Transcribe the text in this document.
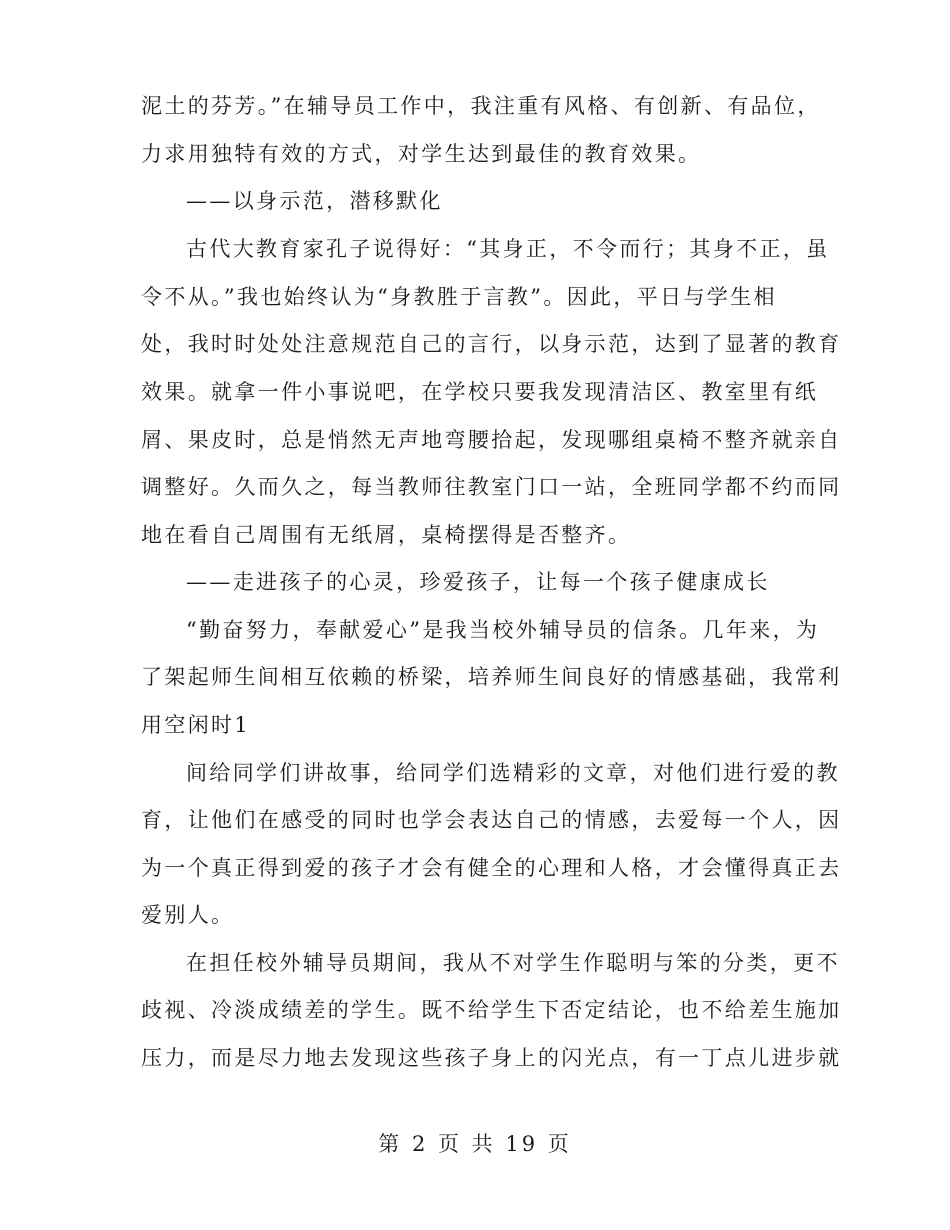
泥土的芬芳。”在辅导员工作中，我注重有风格、有创新、有品位，
力求用独特有效的方式，对学生达到最佳的教育效果。
——以身示范，潜移默化
古代大教育家孔子说得好：“其身正，不令而行；其身不正，虽
令不从。”我也始终认为“身教胜于言教”。因此，平日与学生相
处，我时时处处注意规范自己的言行，以身示范，达到了显著的教育
效果。就拿一件小事说吧，在学校只要我发现清洁区、教室里有纸
屑、果皮时，总是悄然无声地弯腰拾起，发现哪组桌椅不整齐就亲自
调整好。久而久之，每当教师往教室门口一站，全班同学都不约而同
地在看自己周围有无纸屑，桌椅摆得是否整齐。
——走进孩子的心灵，珍爱孩子，让每一个孩子健康成长
“勤奋努力，奉献爱心”是我当校外辅导员的信条。几年来，为
了架起师生间相互依赖的桥梁，培养师生间良好的情感基础，我常利
用空闲时1
间给同学们讲故事，给同学们选精彩的文章，对他们进行爱的教
育，让他们在感受的同时也学会表达自己的情感，去爱每一个人，因
为一个真正得到爱的孩子才会有健全的心理和人格，才会懂得真正去
爱别人。
在担任校外辅导员期间，我从不对学生作聪明与笨的分类，更不
歧视、冷淡成绩差的学生。既不给学生下否定结论，也不给差生施加
压力，而是尽力地去发现这些孩子身上的闪光点，有一丁点儿进步就
第 2 页 共 19 页
